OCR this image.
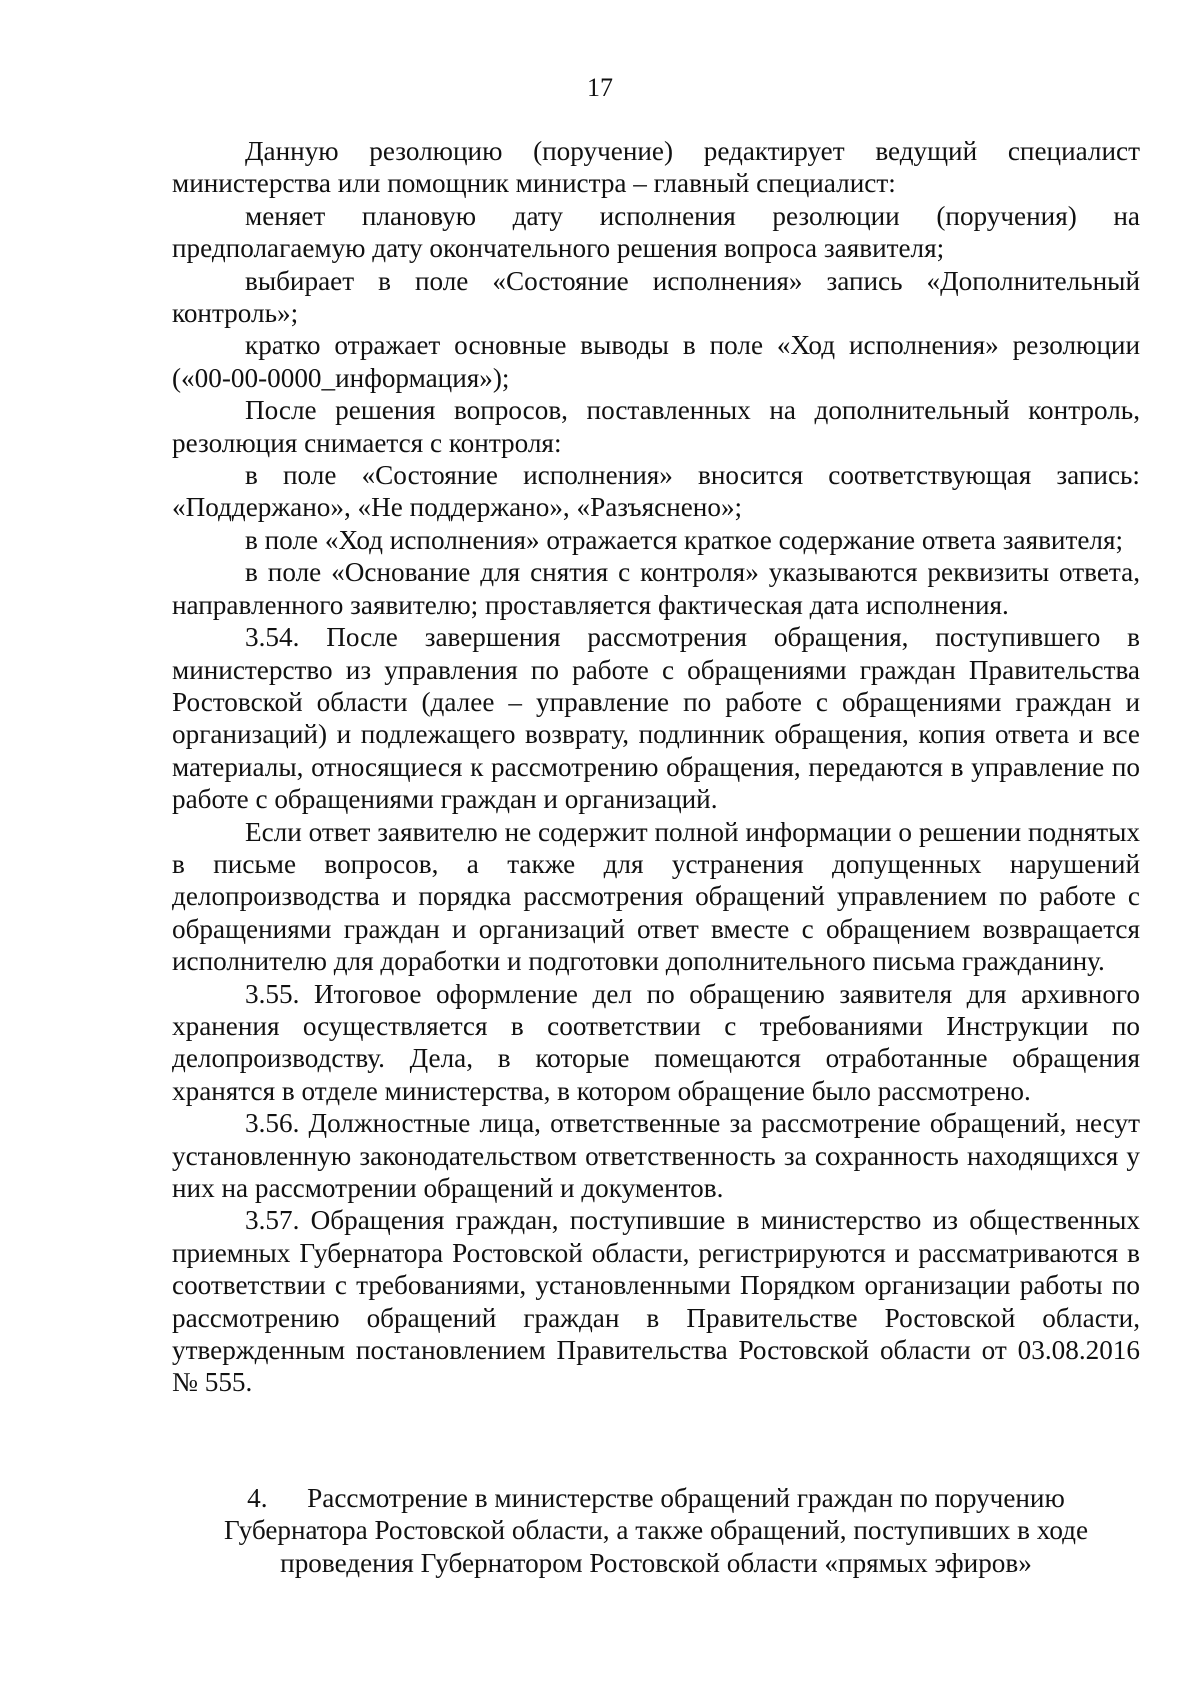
17

Данную резолюцию (поручение) редактирует ведущий специалист министерства или помощник министра – главный специалист:

меняет плановую дату исполнения резолюции (поручения) на предполагаемую дату окончательного решения вопроса заявителя;

выбирает в поле «Состояние исполнения» запись «Дополнительный контроль»;

кратко отражает основные выводы в поле «Ход исполнения» резолюции («00-00-0000_информация»);

После решения вопросов, поставленных на дополнительный контроль, резолюция снимается с контроля:

в поле «Состояние исполнения» вносится соответствующая запись: «Поддержано», «Не поддержано», «Разъяснено»;

в поле «Ход исполнения» отражается краткое содержание ответа заявителя;

в поле «Основание для снятия с контроля» указываются реквизиты ответа, направленного заявителю; проставляется фактическая дата исполнения.

3.54. После завершения рассмотрения обращения, поступившего в министерство из управления по работе с обращениями граждан Правительства Ростовской области (далее – управление по работе с обращениями граждан и организаций) и подлежащего возврату, подлинник обращения, копия ответа и все материалы, относящиеся к рассмотрению обращения, передаются в управление по работе с обращениями граждан и организаций.

Если ответ заявителю не содержит полной информации о решении поднятых в письме вопросов, а также для устранения допущенных нарушений делопроизводства и порядка рассмотрения обращений управлением по работе с обращениями граждан и организаций ответ вместе с обращением возвращается исполнителю для доработки и подготовки дополнительного письма гражданину.

3.55. Итоговое оформление дел по обращению заявителя для архивного хранения осуществляется в соответствии с требованиями Инструкции по делопроизводству. Дела, в которые помещаются отработанные обращения хранятся в отделе министерства, в котором обращение было рассмотрено.

3.56. Должностные лица, ответственные за рассмотрение обращений, несут установленную законодательством ответственность за сохранность находящихся у них на рассмотрении обращений и документов.

3.57. Обращения граждан, поступившие в министерство из общественных приемных Губернатора Ростовской области, регистрируются и рассматриваются в соответствии с требованиями, установленными Порядком организации работы по рассмотрению обращений граждан в Правительстве Ростовской области, утвержденным постановлением Правительства Ростовской области от 03.08.2016 № 555.

4. Рассмотрение в министерстве обращений граждан по поручению Губернатора Ростовской области, а также обращений, поступивших в ходе проведения Губернатором Ростовской области «прямых эфиров»
